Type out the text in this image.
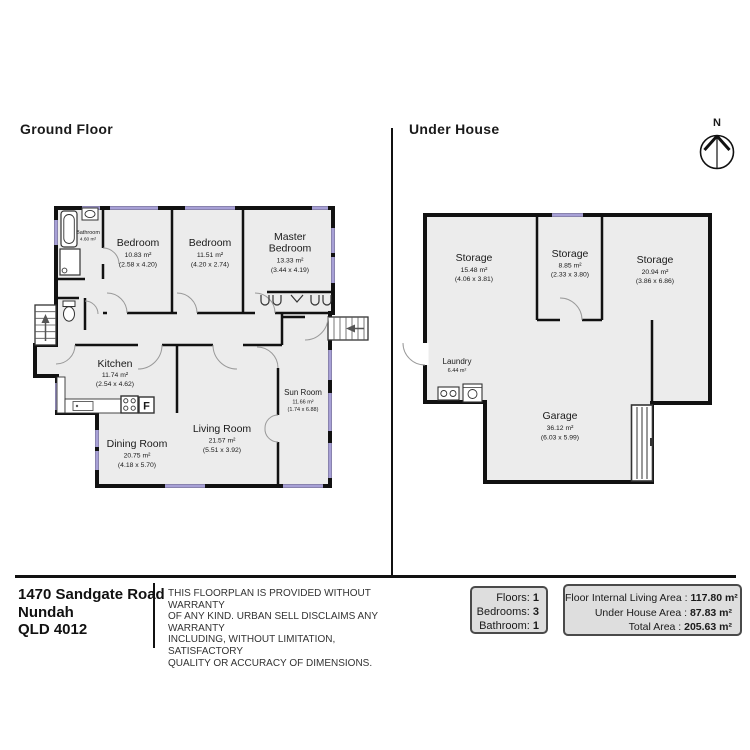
Ground Floor	Under House	N
F
Bathroom
4.60 m² Bedroom
10.83 m²
(2.58 x 4.20)
Bedroom
11.51 m²
(4.20 x 2.74)
Master
Bedroom
13.33 m²
(3.44 x 4.19)
Kitchen
11.74 m²
(2.54 x 4.62)
Living Room
21.57 m²
(5.51 x 3.92)
Dining Room
20.75 m²
(4.18 x 5.70)
Sun Room
11.66 m²
(1.74 x 6.88)
Storage
15.48 m²
(4.06 x 3.81)
Storage
8.85 m²
(2.33 x 3.80)
Storage
20.94 m²
(3.86 x 6.86)
Laundry
6.44 m²
Garage
36.12 m²
(6.03 x 5.99)
1470 Sandgate Road
Nundah
QLD 4012
THIS FLOORPLAN IS PROVIDED WITHOUT WARRANTY
OF ANY KIND. URBAN SELL DISCLAIMS ANY WARRANTY
INCLUDING, WITHOUT LIMITATION, SATISFACTORY
QUALITY OR ACCURACY OF DIMENSIONS.
Floors: 1
Bedrooms: 3
Bathroom: 1
Floor Internal Living Area : 117.80 m²
Under House Area : 87.83 m²
Total Area : 205.63 m²
